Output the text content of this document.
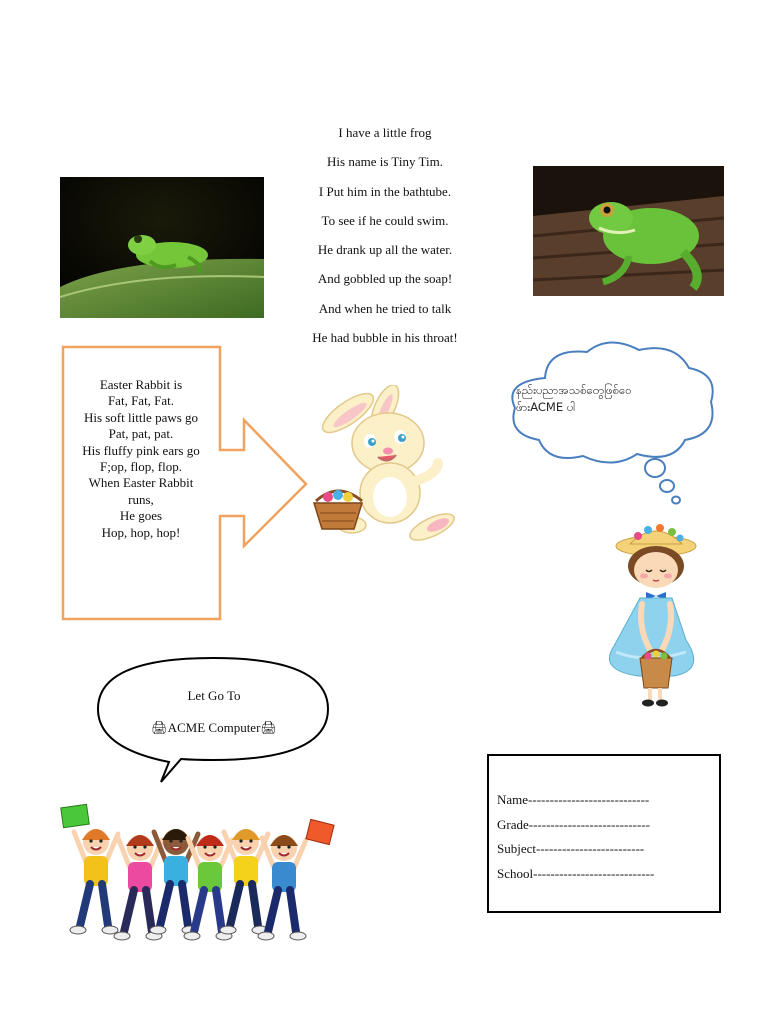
I have a little frog
His name is Tiny Tim.
I Put him in the bathtube.
To see if he could swim.
He drank up all the water.
And gobbled up the soap!
And when he tried to talk
He had bubble in his throat!
Easter Rabbit is
Fat, Fat, Fat.
His soft little paws go
Pat, pat, pat.
His fluffy pink ears go
F;op, flop, flop.
When Easter Rabbit
runs,
He goes
Hop, hop, hop!
နည်းပညာအသစ်တွေဖြစ်ဝေ
ဖ်ားACME ပါ
Let Go To
🖨ACME Computer🖨
Name----------------------------
Grade----------------------------
Subject-------------------------
School----------------------------
